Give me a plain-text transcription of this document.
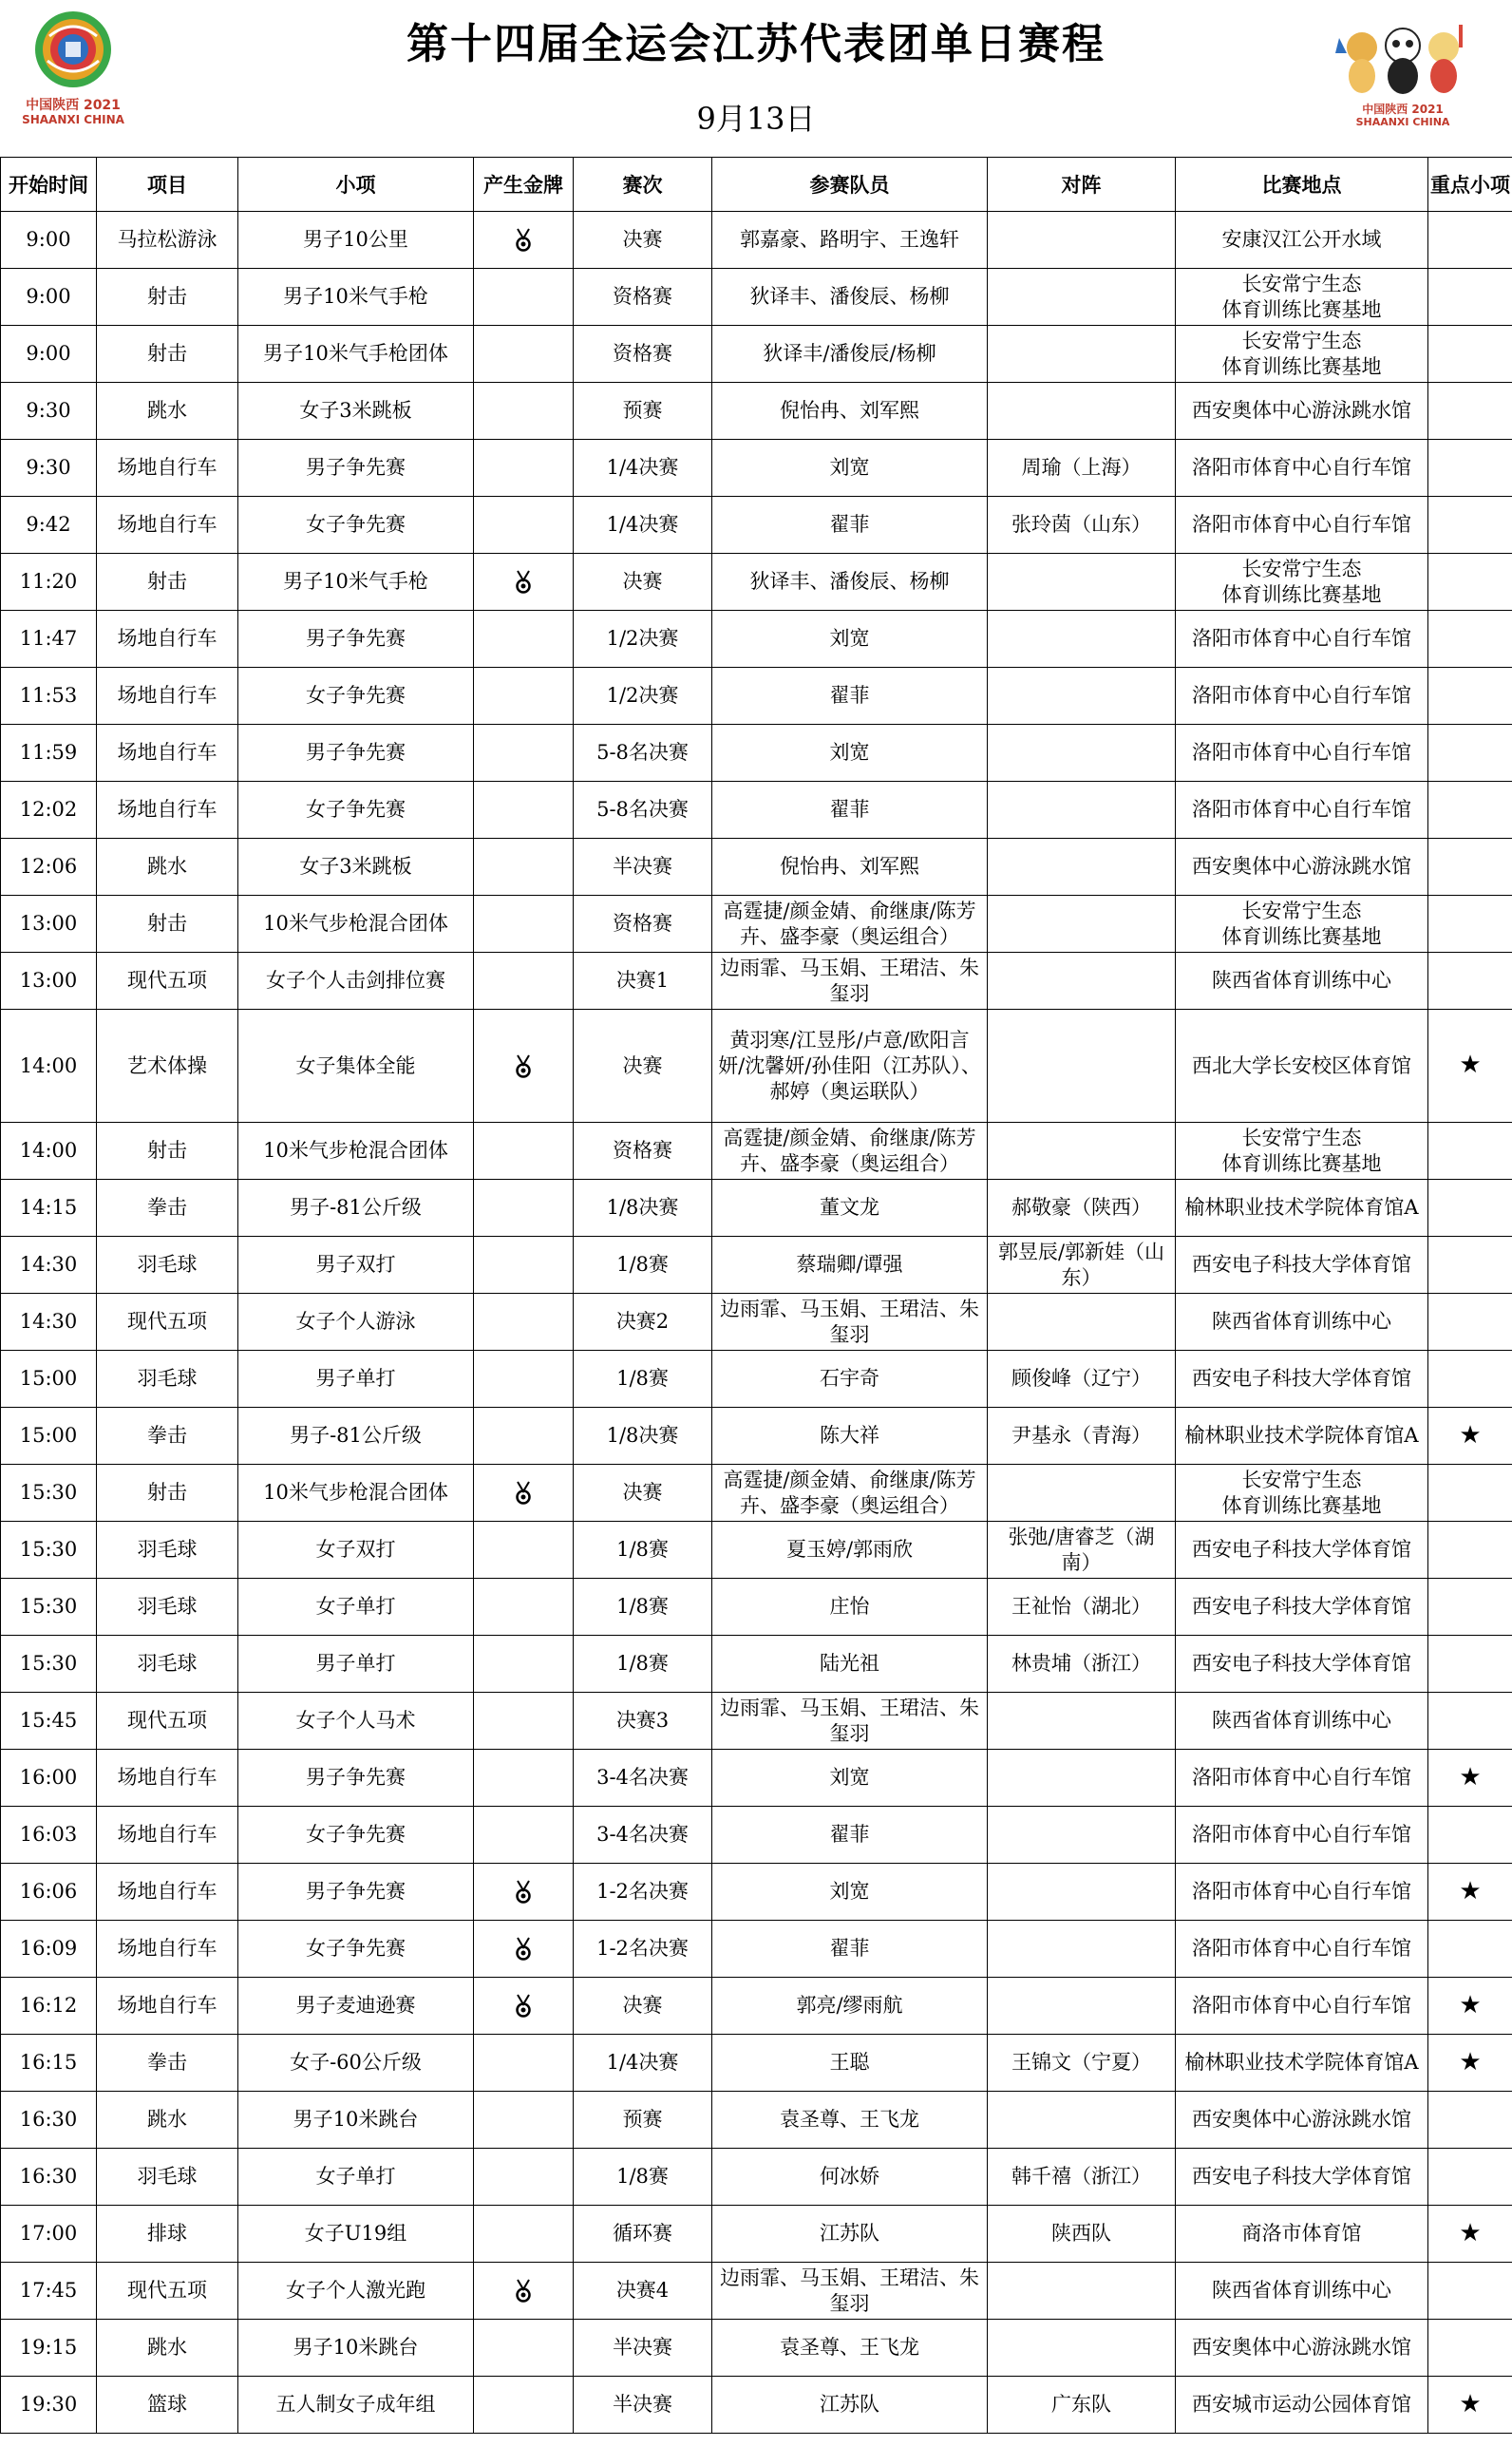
中国陕西 2021
SHAANXI CHINA
第十四届全运会江苏代表团单日赛程
9月13日	中国陕西 2021
SHAANXI CHINA
开始时间	项目	小项	产生金牌	赛次	参赛队员	对阵	比赛地点	重点小项
9:00	马拉松游泳	男子10公里		决赛	郭嘉豪、路明宇、王逸轩		安康汉江公开水域	
9:00	射击	男子10米气手枪		资格赛	狄译丰、潘俊辰、杨柳		长安常宁生态
体育训练比赛基地	
9:00	射击	男子10米气手枪团体		资格赛	狄译丰/潘俊辰/杨柳		长安常宁生态
体育训练比赛基地	
9:30	跳水	女子3米跳板		预赛	倪怡冉、刘军熙		西安奥体中心游泳跳水馆	
9:30	场地自行车	男子争先赛		1/4决赛	刘宽	周瑜（上海）	洛阳市体育中心自行车馆	
9:42	场地自行车	女子争先赛		1/4决赛	翟菲	张玲茵（山东）	洛阳市体育中心自行车馆	
11:20	射击	男子10米气手枪		决赛	狄译丰、潘俊辰、杨柳		长安常宁生态
体育训练比赛基地	
11:47	场地自行车	男子争先赛		1/2决赛	刘宽		洛阳市体育中心自行车馆	
11:53	场地自行车	女子争先赛		1/2决赛	翟菲		洛阳市体育中心自行车馆	
11:59	场地自行车	男子争先赛		5-8名决赛	刘宽		洛阳市体育中心自行车馆	
12:02	场地自行车	女子争先赛		5-8名决赛	翟菲		洛阳市体育中心自行车馆	
12:06	跳水	女子3米跳板		半决赛	倪怡冉、刘军熙		西安奥体中心游泳跳水馆	
13:00	射击	10米气步枪混合团体		资格赛	高霆捷/颜金婧、俞继康/陈芳卉、盛李豪（奥运组合）		长安常宁生态
体育训练比赛基地	
13:00	现代五项	女子个人击剑排位赛		决赛1	边雨霏、马玉娟、王珺洁、朱玺羽		陕西省体育训练中心	
14:00	艺术体操	女子集体全能		决赛	黄羽寒/江昱彤/卢意/欧阳言妍/沈馨妍/孙佳阳（江苏队）、郝婷（奥运联队）		西北大学长安校区体育馆	★
14:00	射击	10米气步枪混合团体		资格赛	高霆捷/颜金婧、俞继康/陈芳卉、盛李豪（奥运组合）		长安常宁生态
体育训练比赛基地	
14:15	拳击	男子-81公斤级		1/8决赛	董文龙	郝敬豪（陕西）	榆林职业技术学院体育馆A	
14:30	羽毛球	男子双打		1/8赛	蔡瑞卿/谭强	郭昱辰/郭新娃（山东）	西安电子科技大学体育馆	
14:30	现代五项	女子个人游泳		决赛2	边雨霏、马玉娟、王珺洁、朱玺羽		陕西省体育训练中心	
15:00	羽毛球	男子单打		1/8赛	石宇奇	顾俊峰（辽宁）	西安电子科技大学体育馆	
15:00	拳击	男子-81公斤级		1/8决赛	陈大祥	尹基永（青海）	榆林职业技术学院体育馆A	★
15:30	射击	10米气步枪混合团体		决赛	高霆捷/颜金婧、俞继康/陈芳卉、盛李豪（奥运组合）		长安常宁生态
体育训练比赛基地	
15:30	羽毛球	女子双打		1/8赛	夏玉婷/郭雨欣	张弛/唐睿芝（湖南）	西安电子科技大学体育馆	
15:30	羽毛球	女子单打		1/8赛	庄怡	王祉怡（湖北）	西安电子科技大学体育馆	
15:30	羽毛球	男子单打		1/8赛	陆光祖	林贵埔（浙江）	西安电子科技大学体育馆	
15:45	现代五项	女子个人马术		决赛3	边雨霏、马玉娟、王珺洁、朱玺羽		陕西省体育训练中心	
16:00	场地自行车	男子争先赛		3-4名决赛	刘宽		洛阳市体育中心自行车馆	★
16:03	场地自行车	女子争先赛		3-4名决赛	翟菲		洛阳市体育中心自行车馆	
16:06	场地自行车	男子争先赛		1-2名决赛	刘宽		洛阳市体育中心自行车馆	★
16:09	场地自行车	女子争先赛		1-2名决赛	翟菲		洛阳市体育中心自行车馆	
16:12	场地自行车	男子麦迪逊赛		决赛	郭亮/缪雨航		洛阳市体育中心自行车馆	★
16:15	拳击	女子-60公斤级		1/4决赛	王聪	王锦文（宁夏）	榆林职业技术学院体育馆A	★
16:30	跳水	男子10米跳台		预赛	袁圣尊、王飞龙		西安奥体中心游泳跳水馆	
16:30	羽毛球	女子单打		1/8赛	何冰娇	韩千禧（浙江）	西安电子科技大学体育馆	
17:00	排球	女子U19组		循环赛	江苏队	陕西队	商洛市体育馆	★
17:45	现代五项	女子个人激光跑		决赛4	边雨霏、马玉娟、王珺洁、朱玺羽		陕西省体育训练中心	
19:15	跳水	男子10米跳台		半决赛	袁圣尊、王飞龙		西安奥体中心游泳跳水馆	
19:30	篮球	五人制女子成年组		半决赛	江苏队	广东队	西安城市运动公园体育馆	★
